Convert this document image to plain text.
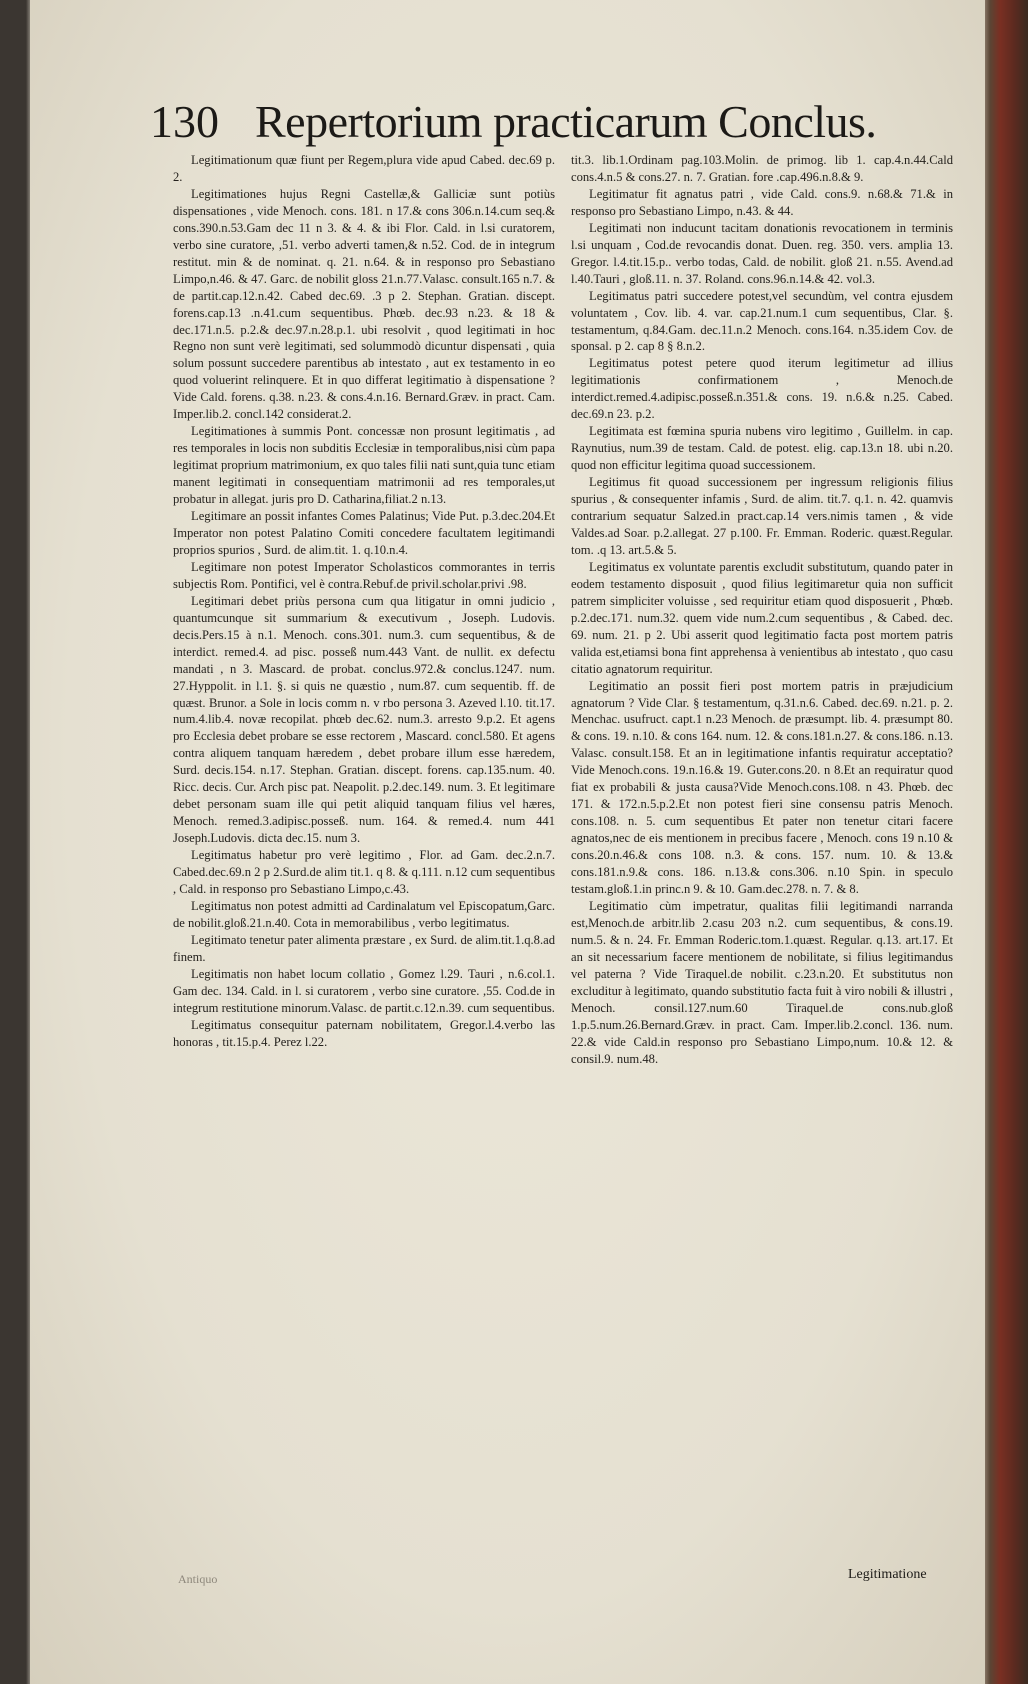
130 Repertorium practicarum Conclus.

Legitimationum quæ fiunt per Regem,plura vide apud Cabed. dec.69 p. 2.

Legitimationes hujus Regni Castellæ,& Galliciæ sunt potiùs dispensationes , vide Menoch. cons. 181. n 17.& cons 306.n.14.cum seq.& cons.390.n.53.Gam dec 11 n 3. & 4. & ibi Flor. Cald. in l.si curatorem, verbo sine curatore, ,51. verbo adverti tamen,& n.52. Cod. de in integrum restitut. min & de nominat. q. 21. n.64. & in responso pro Sebastiano Limpo,n.46. & 47. Garc. de nobilit gloss 21.n.77.Valasc. consult.165 n.7. & de partit.cap.12.n.42. Cabed dec.69. .3 p 2. Stephan. Gratian. discept. forens.cap.13 .n.41.cum sequentibus. Phœb. dec.93 n.23. & 18 & dec.171.n.5. p.2.& dec.97.n.28.p.1. ubi resolvit , quod legitimati in hoc Regno non sunt verè legitimati, sed solummodò dicuntur dispensati , quia solum possunt succedere parentibus ab intestato , aut ex testamento in eo quod voluerint relinquere. Et in quo differat legitimatio à dispensatione ? Vide Cald. forens. q.38. n.23. & cons.4.n.16. Bernard.Græv. in pract. Cam. Imper.lib.2. concl.142 considerat.2.

Legitimationes à summis Pont. concessæ non prosunt legitimatis , ad res temporales in locis non subditis Ecclesiæ in temporalibus,nisi cùm papa legitimat proprium matrimonium, ex quo tales filii nati sunt,quia tunc etiam manent legitimati in consequentiam matrimonii ad res temporales,ut probatur in allegat. juris pro D. Catharina,filiat.2 n.13.

Legitimare an possit infantes Comes Palatinus; Vide Put. p.3.dec.204.Et Imperator non potest Palatino Comiti concedere facultatem legitimandi proprios spurios , Surd. de alim.tit. 1. q.10.n.4.

Legitimare non potest Imperator Scholasticos commorantes in terris subjectis Rom. Pontifici, vel è contra.Rebuf.de privil.scholar.privi .98.

Legitimari debet priùs persona cum qua litigatur in omni judicio , quantumcunque sit summarium & executivum , Joseph. Ludovis. decis.Pers.15 à n.1. Menoch. cons.301. num.3. cum sequentibus, & de interdict. remed.4. ad pisc. posseß num.443 Vant. de nullit. ex defectu mandati , n 3. Mascard. de probat. conclus.972.& conclus.1247. num. 27.Hyppolit. in l.1. §. si quis ne quæstio , num.87. cum sequentib. ff. de quæst. Brunor. a Sole in locis comm n. v rbo persona 3. Azeved l.10. tit.17. num.4.lib.4. novæ recopilat. phœb dec.62. num.3. arresto 9.p.2. Et agens pro Ecclesia debet probare se esse rectorem , Mascard. concl.580. Et agens contra aliquem tanquam hæredem , debet probare illum esse hæredem, Surd. decis.154. n.17. Stephan. Gratian. discept. forens. cap.135.num. 40. Ricc. decis. Cur. Arch pisc pat. Neapolit. p.2.dec.149. num. 3. Et legitimare debet personam suam ille qui petit aliquid tanquam filius vel hæres, Menoch. remed.3.adipisc.posseß. num. 164. & remed.4. num 441 Joseph.Ludovis. dicta dec.15. num 3.

Legitimatus habetur pro verè legitimo , Flor. ad Gam. dec.2.n.7. Cabed.dec.69.n 2 p 2.Surd.de alim tit.1. q 8. & q.111. n.12 cum sequentibus , Cald. in responso pro Sebastiano Limpo,c.43.

Legitimatus non potest admitti ad Cardinalatum vel Episcopatum,Garc. de nobilit.gloß.21.n.40. Cota in memorabilibus , verbo legitimatus.

Legitimato tenetur pater alimenta præstare , ex Surd. de alim.tit.1.q.8.ad finem.

Legitimatis non habet locum collatio , Gomez l.29. Tauri , n.6.col.1. Gam dec. 134. Cald. in l. si curatorem , verbo sine curatore. ,55. Cod.de in integrum restitutione minorum.Valasc. de partit.c.12.n.39. cum sequentibus.

Legitimatus consequitur paternam nobilitatem, Gregor.l.4.verbo las honoras , tit.15.p.4. Perez l.22.

tit.3. lib.1.Ordinam pag.103.Molin. de primog. lib 1. cap.4.n.44.Cald cons.4.n.5 & cons.27. n. 7. Gratian. fore .cap.496.n.8.& 9.

Legitimatur fit agnatus patri , vide Cald. cons.9. n.68.& 71.& in responso pro Sebastiano Limpo, n.43. & 44.

Legitimati non inducunt tacitam donationis revocationem in terminis l.si unquam , Cod.de revocandis donat. Duen. reg. 350. vers. amplia 13. Gregor. l.4.tit.15.p.. verbo todas, Cald. de nobilit. gloß 21. n.55. Avend.ad l.40.Tauri , gloß.11. n. 37. Roland. cons.96.n.14.& 42. vol.3.

Legitimatus patri succedere potest,vel secundùm, vel contra ejusdem voluntatem , Cov. lib. 4. var. cap.21.num.1 cum sequentibus, Clar. §. testamentum, q.84.Gam. dec.11.n.2 Menoch. cons.164. n.35.idem Cov. de sponsal. p 2. cap 8 § 8.n.2.

Legitimatus potest petere quod iterum legitimetur ad illius legitimationis confirmationem , Menoch.de interdict.remed.4.adipisc.posseß.n.351.& cons. 19. n.6.& n.25. Cabed. dec.69.n 23. p.2.

Legitimata est fœmina spuria nubens viro legitimo , Guillelm. in cap. Raynutius, num.39 de testam. Cald. de potest. elig. cap.13.n 18. ubi n.20. quod non efficitur legitima quoad successionem.

Legitimus fit quoad successionem per ingressum religionis filius spurius , & consequenter infamis , Surd. de alim. tit.7. q.1. n. 42. quamvis contrarium sequatur Salzed.in pract.cap.14 vers.nimis tamen , & vide Valdes.ad Soar. p.2.allegat. 27 p.100. Fr. Emman. Roderic. quæst.Regular. tom. .q 13. art.5.& 5.

Legitimatus ex voluntate parentis excludit substitutum, quando pater in eodem testamento disposuit , quod filius legitimaretur quia non sufficit patrem simpliciter voluisse , sed requiritur etiam quod disposuerit , Phœb. p.2.dec.171. num.32. quem vide num.2.cum sequentibus , & Cabed. dec. 69. num. 21. p 2. Ubi asserit quod legitimatio facta post mortem patris valida est,etiamsi bona fint apprehensa à venientibus ab intestato , quo casu citatio agnatorum requiritur.

Legitimatio an possit fieri post mortem patris in præjudicium agnatorum ? Vide Clar. § testamentum, q.31.n.6. Cabed. dec.69. n.21. p. 2. Menchac. usufruct. capt.1 n.23 Menoch. de præsumpt. lib. 4. præsumpt 80. & cons. 19. n.10. & cons 164. num. 12. & cons.181.n.27. & cons.186. n.13. Valasc. consult.158. Et an in legitimatione infantis requiratur acceptatio?Vide Menoch.cons. 19.n.16.& 19. Guter.cons.20. n 8.Et an requiratur quod fiat ex probabili & justa causa?Vide Menoch.cons.108. n 43. Phœb. dec 171. & 172.n.5.p.2.Et non potest fieri sine consensu patris Menoch. cons.108. n. 5. cum sequentibus Et pater non tenetur citari facere agnatos,nec de eis mentionem in precibus facere , Menoch. cons 19 n.10 & cons.20.n.46.& cons 108. n.3. & cons. 157. num. 10. & 13.& cons.181.n.9.& cons. 186. n.13.& cons.306. n.10 Spin. in speculo testam.gloß.1.in princ.n 9. & 10. Gam.dec.278. n. 7. & 8.

Legitimatio cùm impetratur, qualitas filii legitimandi narranda est,Menoch.de arbitr.lib 2.casu 203 n.2. cum sequentibus, & cons.19. num.5. & n. 24. Fr. Emman Roderic.tom.1.quæst. Regular. q.13. art.17. Et an sit necessarium facere mentionem de nobilitate, si filius legitimandus vel paterna ? Vide Tiraquel.de nobilit. c.23.n.20. Et substitutus non excluditur à legitimato, quando substitutio facta fuit à viro nobili & illustri , Menoch. consil.127.num.60 Tiraquel.de cons.nub.gloß 1.p.5.num.26.Bernard.Græv. in pract. Cam. Imper.lib.2.concl. 136. num. 22.& vide Cald.in responso pro Sebastiano Limpo,num. 10.& 12. & consil.9. num.48.

Antiquo	Legitimatione
